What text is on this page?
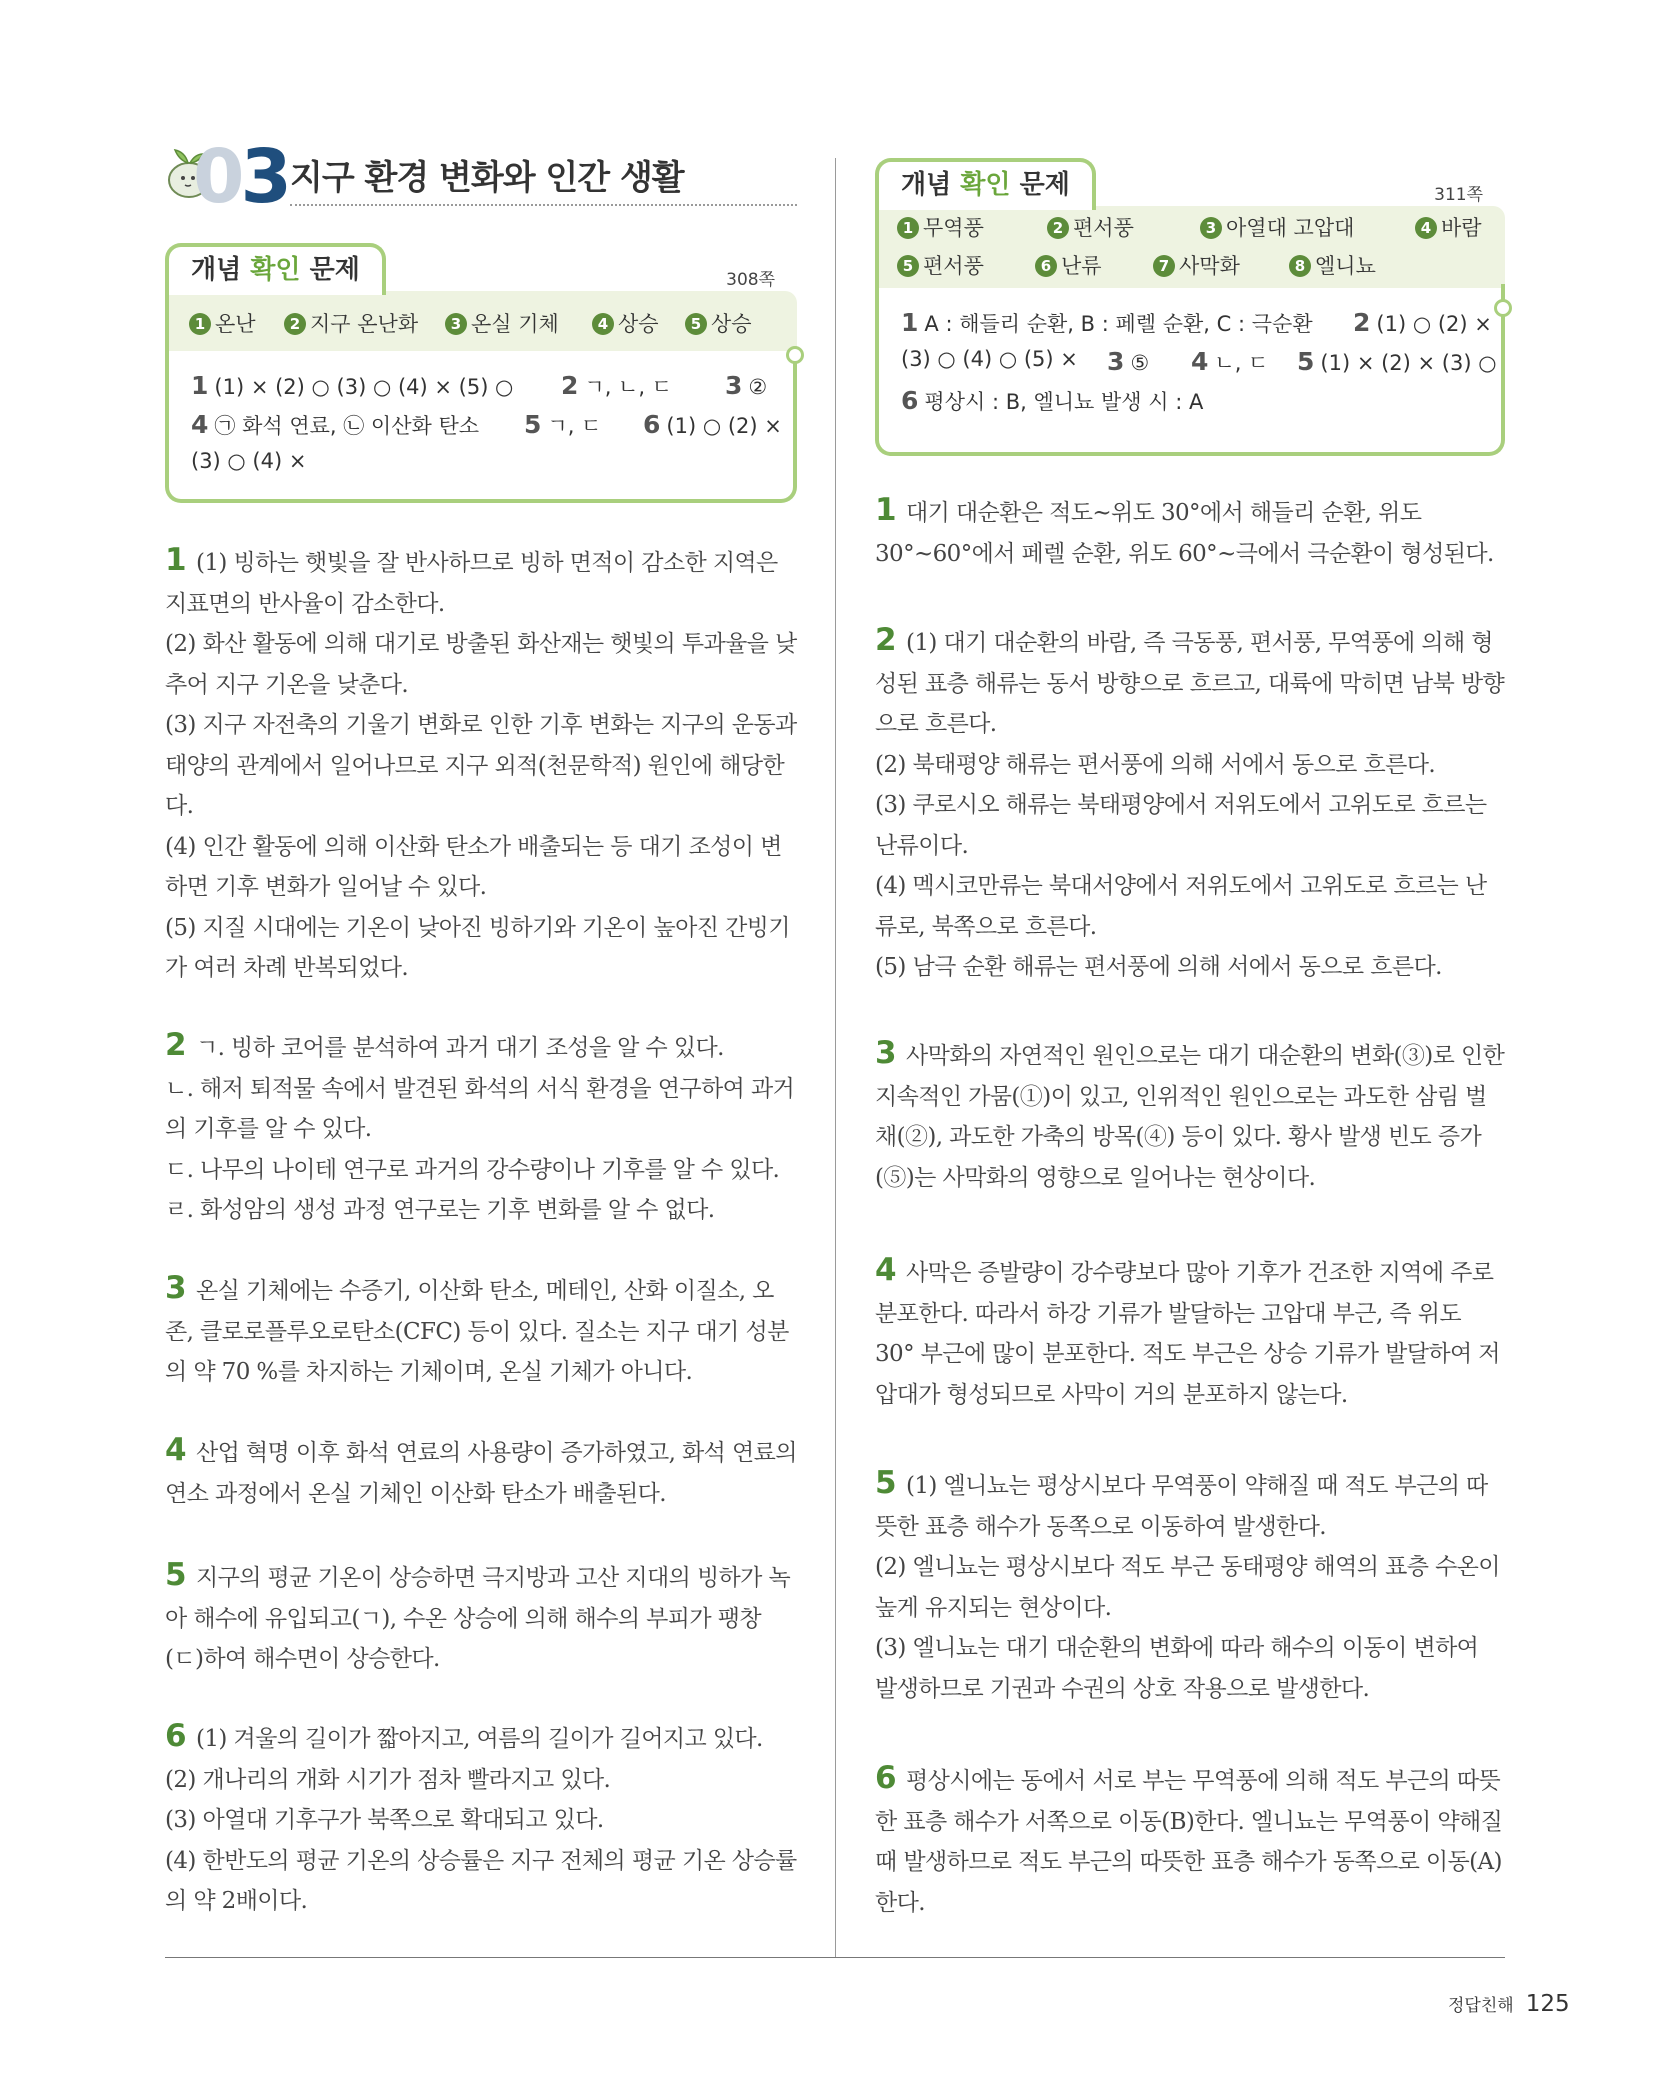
03 지구 환경 변화와 인간 생활
개념 확인 문제	308쪽
1 온난	2 지구 온난화	3 온실 기체	4 상승	5 상승
1 (1) × (2) ○ (3) ○ (4) × (5) ○ 2 ㄱ, ㄴ, ㄷ 3 ②
4 ㉠ 화석 연료, ㉡ 이산화 탄소 5 ㄱ, ㄷ 6 (1) ○ (2) ×
(3) ○ (4) ×
개념 확인 문제	311쪽
1 무역풍	2 편서풍	3 아열대 고압대	4 바람
5 편서풍	6 난류	7 사막화	8 엘니뇨
1 A : 해들리 순환, B : 페렐 순환, C : 극순환 2 (1) ○ (2) ×
(3) ○ (4) ○ (5) × 3 ⑤ 4 ㄴ, ㄷ 5 (1) × (2) × (3) ○
6 평상시 : B, 엘니뇨 발생 시 : A

1 (1) 빙하는 햇빛을 잘 반사하므로 빙하 면적이 감소한 지역은 지표면의 반사율이 감소한다.

(2) 화산 활동에 의해 대기로 방출된 화산재는 햇빛의 투과율을 낮추어 지구 기온을 낮춘다.

(3) 지구 자전축의 기울기 변화로 인한 기후 변화는 지구의 운동과 태양의 관계에서 일어나므로 지구 외적(천문학적) 원인에 해당한다.

(4) 인간 활동에 의해 이산화 탄소가 배출되는 등 대기 조성이 변하면 기후 변화가 일어날 수 있다.

(5) 지질 시대에는 기온이 낮아진 빙하기와 기온이 높아진 간빙기가 여러 차례 반복되었다.

2 ㄱ. 빙하 코어를 분석하여 과거 대기 조성을 알 수 있다.

ㄴ. 해저 퇴적물 속에서 발견된 화석의 서식 환경을 연구하여 과거의 기후를 알 수 있다.

ㄷ. 나무의 나이테 연구로 과거의 강수량이나 기후를 알 수 있다.

ㄹ. 화성암의 생성 과정 연구로는 기후 변화를 알 수 없다.

3 온실 기체에는 수증기, 이산화 탄소, 메테인, 산화 이질소, 오존, 클로로플루오로탄소(CFC) 등이 있다. 질소는 지구 대기 성분의 약 70 %를 차지하는 기체이며, 온실 기체가 아니다.

4 산업 혁명 이후 화석 연료의 사용량이 증가하였고, 화석 연료의 연소 과정에서 온실 기체인 이산화 탄소가 배출된다.

5 지구의 평균 기온이 상승하면 극지방과 고산 지대의 빙하가 녹아 해수에 유입되고(ㄱ), 수온 상승에 의해 해수의 부피가 팽창(ㄷ)하여 해수면이 상승한다.

6 (1) 겨울의 길이가 짧아지고, 여름의 길이가 길어지고 있다.

(2) 개나리의 개화 시기가 점차 빨라지고 있다.

(3) 아열대 기후구가 북쪽으로 확대되고 있다.

(4) 한반도의 평균 기온의 상승률은 지구 전체의 평균 기온 상승률의 약 2배이다.

1 대기 대순환은 적도~위도 30°에서 해들리 순환, 위도 30°~60°에서 페렐 순환, 위도 60°~극에서 극순환이 형성된다.

2 (1) 대기 대순환의 바람, 즉 극동풍, 편서풍, 무역풍에 의해 형성된 표층 해류는 동서 방향으로 흐르고, 대륙에 막히면 남북 방향으로 흐른다.

(2) 북태평양 해류는 편서풍에 의해 서에서 동으로 흐른다.

(3) 쿠로시오 해류는 북태평양에서 저위도에서 고위도로 흐르는 난류이다.

(4) 멕시코만류는 북대서양에서 저위도에서 고위도로 흐르는 난류로, 북쪽으로 흐른다.

(5) 남극 순환 해류는 편서풍에 의해 서에서 동으로 흐른다.

3 사막화의 자연적인 원인으로는 대기 대순환의 변화(③)로 인한 지속적인 가뭄(①)이 있고, 인위적인 원인으로는 과도한 삼림 벌채(②), 과도한 가축의 방목(④) 등이 있다. 황사 발생 빈도 증가(⑤)는 사막화의 영향으로 일어나는 현상이다.

4 사막은 증발량이 강수량보다 많아 기후가 건조한 지역에 주로 분포한다. 따라서 하강 기류가 발달하는 고압대 부근, 즉 위도 30° 부근에 많이 분포한다. 적도 부근은 상승 기류가 발달하여 저압대가 형성되므로 사막이 거의 분포하지 않는다.

5 (1) 엘니뇨는 평상시보다 무역풍이 약해질 때 적도 부근의 따뜻한 표층 해수가 동쪽으로 이동하여 발생한다.

(2) 엘니뇨는 평상시보다 적도 부근 동태평양 해역의 표층 수온이 높게 유지되는 현상이다.

(3) 엘니뇨는 대기 대순환의 변화에 따라 해수의 이동이 변하여 발생하므로 기권과 수권의 상호 작용으로 발생한다.

6 평상시에는 동에서 서로 부는 무역풍에 의해 적도 부근의 따뜻한 표층 해수가 서쪽으로 이동(B)한다. 엘니뇨는 무역풍이 약해질 때 발생하므로 적도 부근의 따뜻한 표층 해수가 동쪽으로 이동(A)한다.

정답친해 125
